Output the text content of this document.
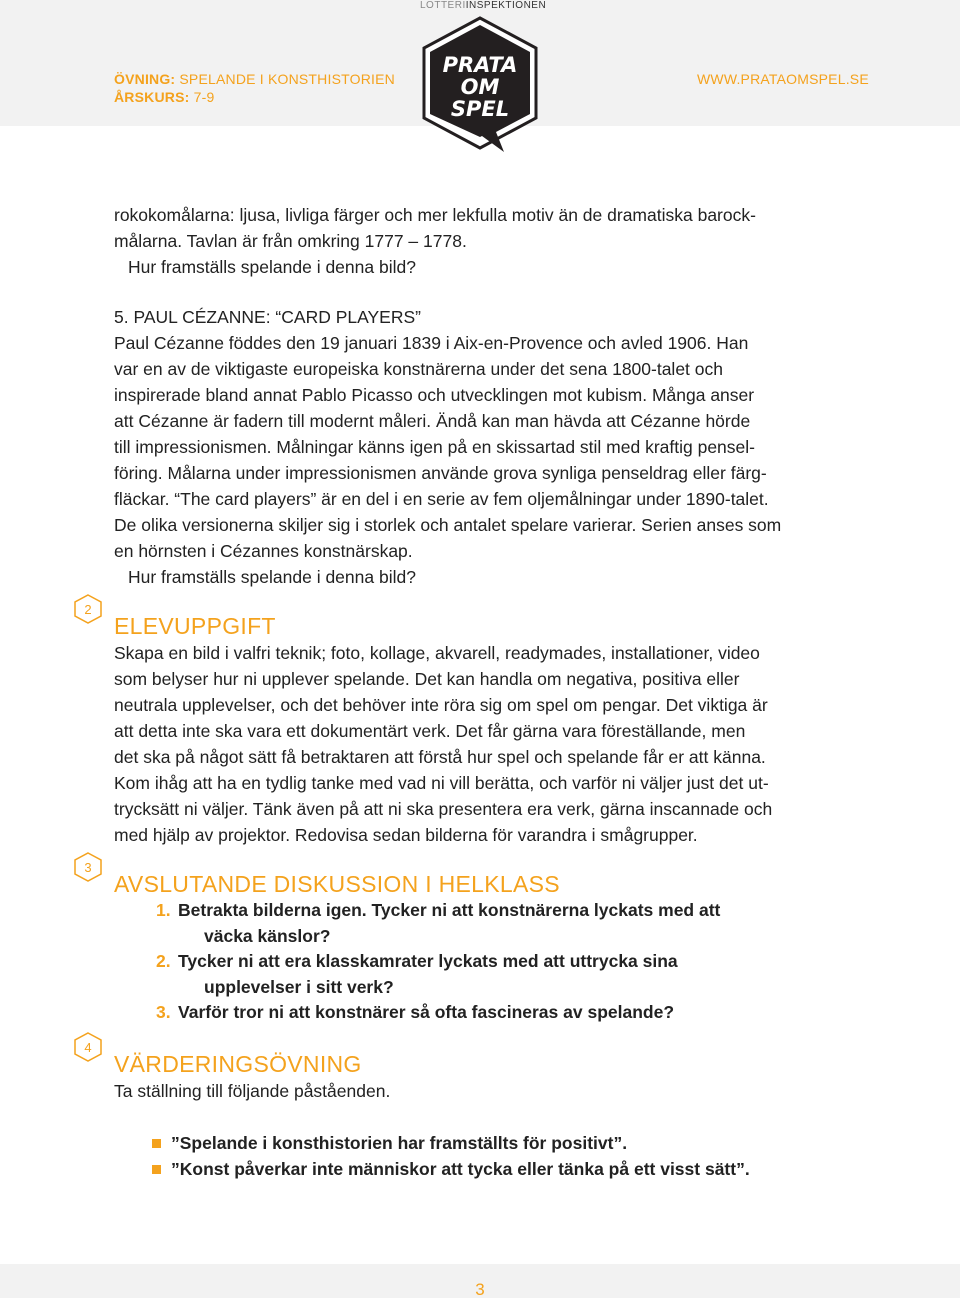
ÖVNING: SPELANDE I KONSTHISTORIEN
ÅRSKURS: 7-9
WWW.PRATAOMSPEL.SE
LOTTERIINSPEKTIONEN
PRATA
OM
SPEL
rokokomålarna: ljusa, livliga färger och mer lekfulla motiv än de dramatiska barock-
målarna. Tavlan är från omkring 1777 – 1778.
Hur framställs spelande i denna bild?
5. PAUL CÉZANNE: “CARD PLAYERS”
Paul Cézanne föddes den 19 januari 1839 i Aix-en-Provence och avled 1906. Han
var en av de viktigaste europeiska konstnärerna under det sena 1800-talet och
inspirerade bland annat Pablo Picasso och utvecklingen mot kubism. Många anser
att Cézanne är fadern till modernt måleri. Ändå kan man hävda att Cézanne hörde
till impressionismen. Målningar känns igen på en skissartad stil med kraftig pensel-
föring. Målarna under impressionismen använde grova synliga penseldrag eller färg-
fläckar. “The card players” är en del i en serie av fem oljemålningar under 1890-talet.
De olika versionerna skiljer sig i storlek och antalet spelare varierar. Serien anses som
en hörnsten i Cézannes konstnärskap.
Hur framställs spelande i denna bild?
2
ELEVUPPGIFT
Skapa en bild i valfri teknik; foto, kollage, akvarell, readymades, installationer, video
som belyser hur ni upplever spelande. Det kan handla om negativa, positiva eller
neutrala upplevelser, och det behöver inte röra sig om spel om pengar. Det viktiga är
att detta inte ska vara ett dokumentärt verk. Det får gärna vara föreställande, men
det ska på något sätt få betraktaren att förstå hur spel och spelande får er att känna.
Kom ihåg att ha en tydlig tanke med vad ni vill berätta, och varför ni väljer just det ut-
trycksätt ni väljer. Tänk även på att ni ska presentera era verk, gärna inscannade och
med hjälp av projektor. Redovisa sedan bilderna för varandra i smågrupper.
3
AVSLUTANDE DISKUSSION I HELKLASS
1. Betrakta bilderna igen. Tycker ni att konstnärerna lyckats med att
väcka känslor?
2. Tycker ni att era klasskamrater lyckats med att uttrycka sina
upplevelser i sitt verk?
3. Varför tror ni att konstnärer så ofta fascineras av spelande?
4
VÄRDERINGSÖVNING
Ta ställning till följande påståenden.
”Spelande i konsthistorien har framställts för positivt”.
”Konst påverkar inte människor att tycka eller tänka på ett visst sätt”.
3
